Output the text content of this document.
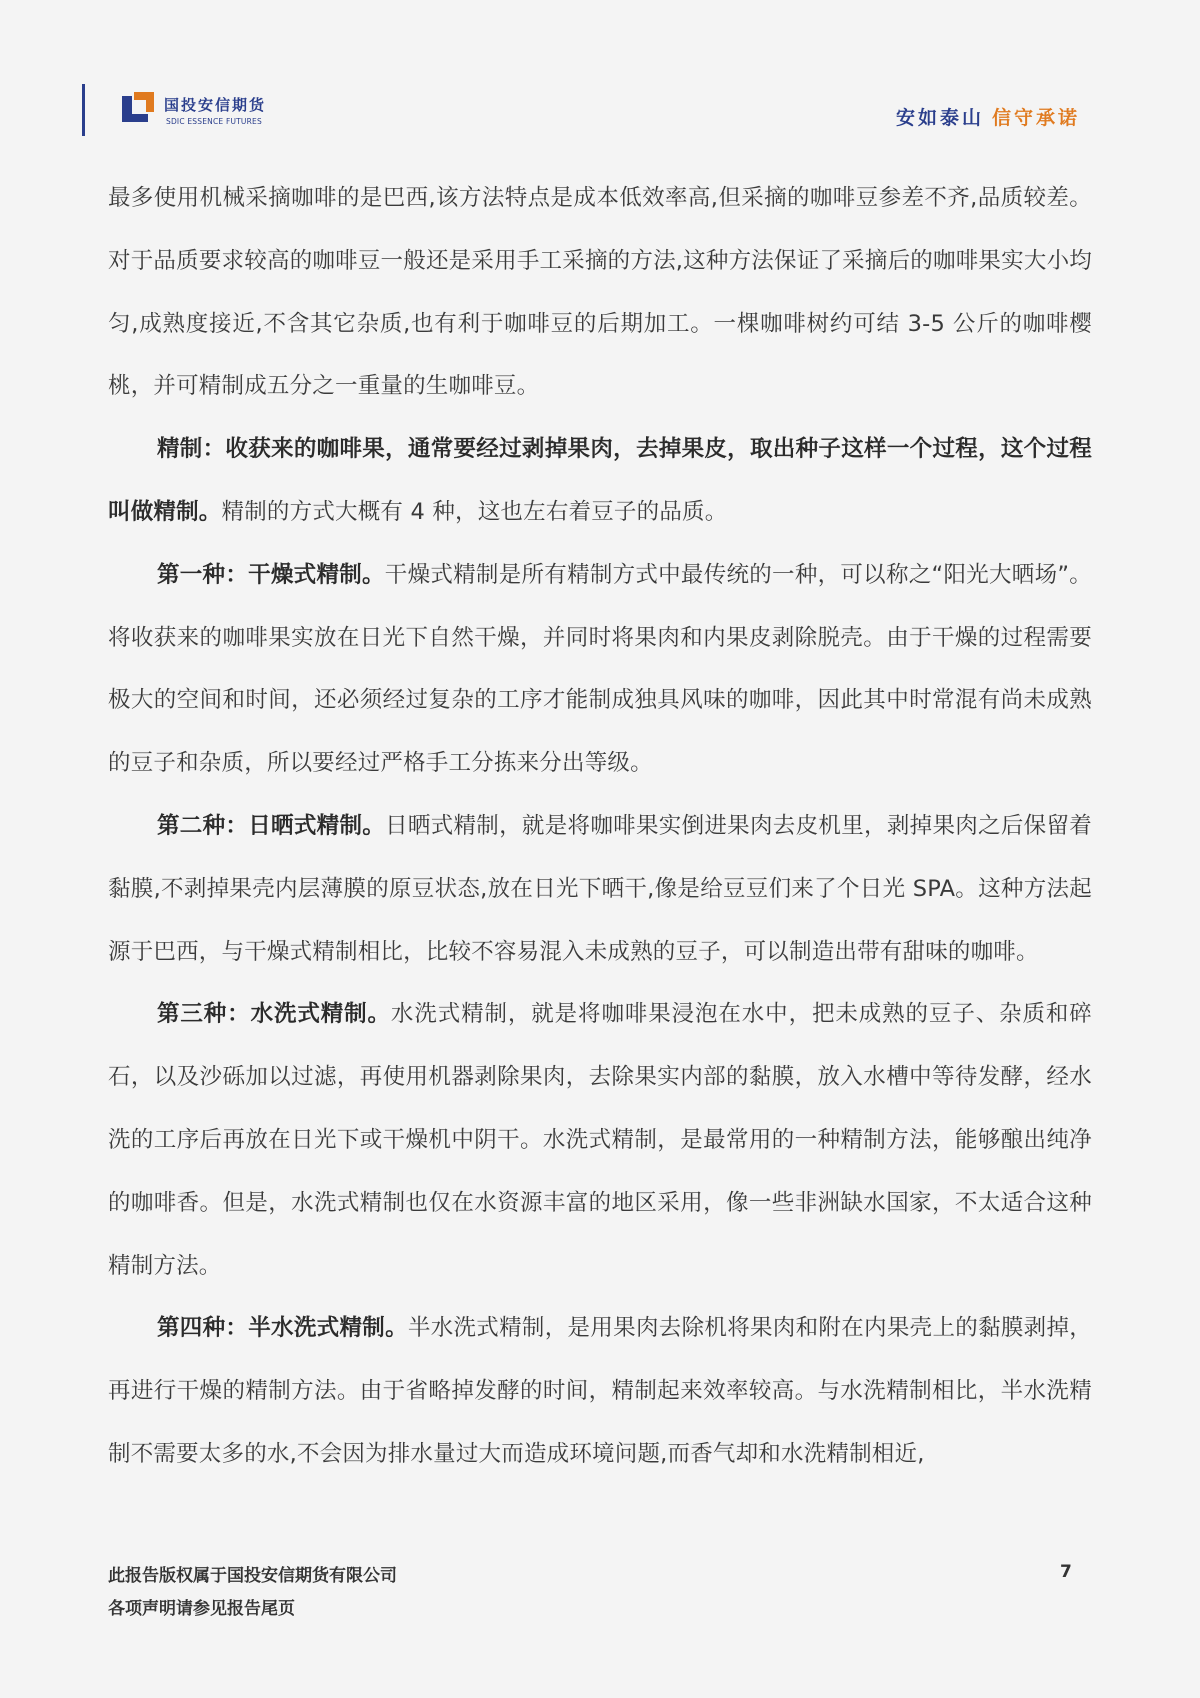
国投安信期货
SDIC ESSENCE FUTURES	安如泰山 信守承诺

最多使用机械采摘咖啡的是巴西,该方法特点是成本低效率高,但采摘的咖啡豆参差不齐,品质较差。对于品质要求较高的咖啡豆一般还是采用手工采摘的方法,这种方法保证了采摘后的咖啡果实大小均匀,成熟度接近,不含其它杂质,也有利于咖啡豆的后期加工。一棵咖啡树约可结 3-5 公斤的咖啡樱桃，并可精制成五分之一重量的生咖啡豆。

精制：收获来的咖啡果，通常要经过剥掉果肉，去掉果皮，取出种子这样一个过程，这个过程叫做精制。精制的方式大概有 4 种，这也左右着豆子的品质。

第一种：干燥式精制。干燥式精制是所有精制方式中最传统的一种，可以称之“阳光大晒场”。将收获来的咖啡果实放在日光下自然干燥，并同时将果肉和内果皮剥除脱壳。由于干燥的过程需要极大的空间和时间，还必须经过复杂的工序才能制成独具风味的咖啡，因此其中时常混有尚未成熟的豆子和杂质，所以要经过严格手工分拣来分出等级。

第二种：日晒式精制。日晒式精制，就是将咖啡果实倒进果肉去皮机里，剥掉果肉之后保留着黏膜,不剥掉果壳内层薄膜的原豆状态,放在日光下晒干,像是给豆豆们来了个日光 SPA。这种方法起源于巴西，与干燥式精制相比，比较不容易混入未成熟的豆子，可以制造出带有甜味的咖啡。

第三种：水洗式精制。水洗式精制，就是将咖啡果浸泡在水中，把未成熟的豆子、杂质和碎石，以及沙砾加以过滤，再使用机器剥除果肉，去除果实内部的黏膜，放入水槽中等待发酵，经水洗的工序后再放在日光下或干燥机中阴干。水洗式精制，是最常用的一种精制方法，能够酿出纯净的咖啡香。但是，水洗式精制也仅在水资源丰富的地区采用，像一些非洲缺水国家，不太适合这种精制方法。

第四种：半水洗式精制。半水洗式精制，是用果肉去除机将果肉和附在内果壳上的黏膜剥掉，再进行干燥的精制方法。由于省略掉发酵的时间，精制起来效率较高。与水洗精制相比，半水洗精制不需要太多的水,不会因为排水量过大而造成环境问题,而香气却和水洗精制相近,

此报告版权属于国投安信期货有限公司
各项声明请参见报告尾页
7
